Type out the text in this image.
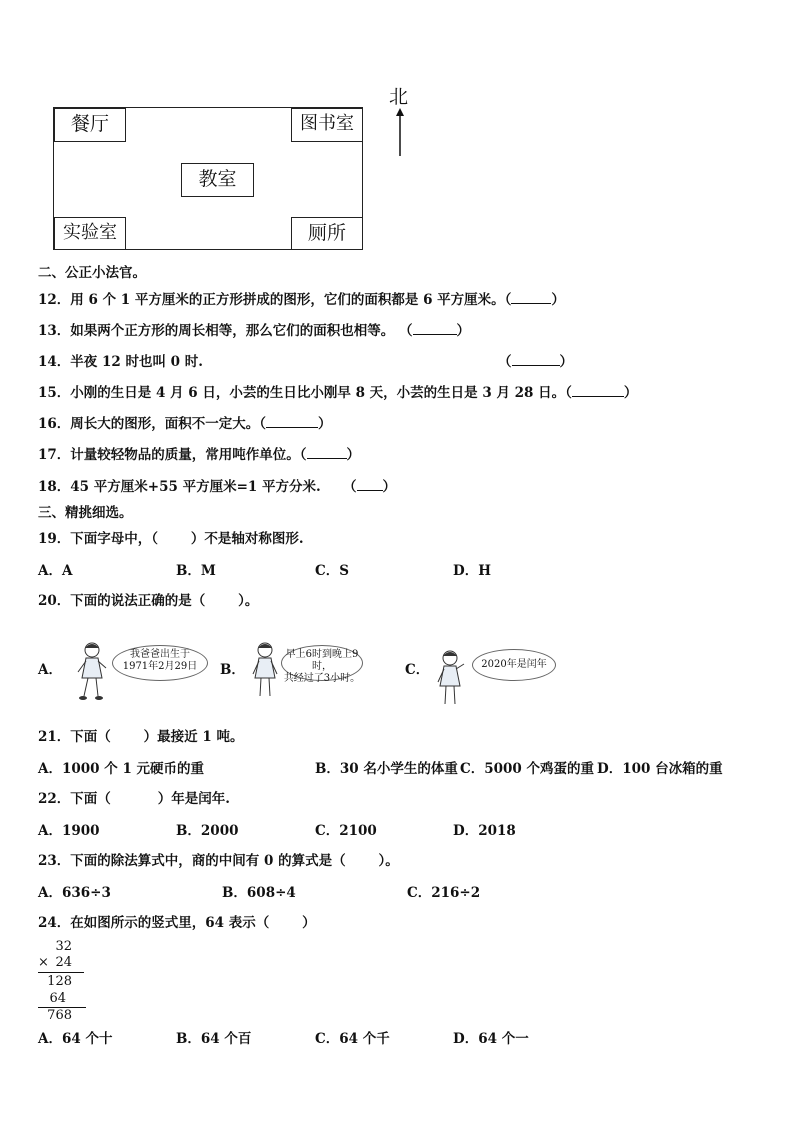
餐厅	图书室
教室
实验室	厕所
北
二、公正小法官。
12．用 6 个 1 平方厘米的正方形拼成的图形，它们的面积都是 6 平方厘米。（	）
13．如果两个正方形的周长相等，那么它们的面积也相等。 （	）
14．半夜 12 时也叫 0 时.	（	）
15．小刚的生日是 4 月 6 日，小芸的生日比小刚早 8 天，小芸的生日是 3 月 28 日。（	）
16．周长大的图形，面积不一定大。（	）
17．计量较轻物品的质量，常用吨作单位。（	）
18．45 平方厘米+55 平方厘米=1 平方分米. （ ）
三、精挑细选。
19．下面字母中，（       ）不是轴对称图形.
A．A	B．M	C．S	D．H
20．下面的说法正确的是（       ）。
A．
我爸爸出生于
1971年2月29日	B．
早上6时到晚上9时，
共经过了3小时。
C．	2020年是闰年
21．下面（       ）最接近 1 吨。
A．1000 个 1 元硬币的重	B．30 名小学生的体重 C．5000 个鸡蛋的重 D．100 台冰箱的重
22．下面（          ）年是闰年.
A．1900	B．2000	C．2100	D．2018
23．下面的除法算式中，商的中间有 0 的算式是（       ）。
A．636÷3	B．608÷4	C．216÷2
24．在如图所示的竖式里，64 表示（       ）
32
× 24
128
64
768
A．64 个十	B．64 个百	C．64 个千	D．64 个一
